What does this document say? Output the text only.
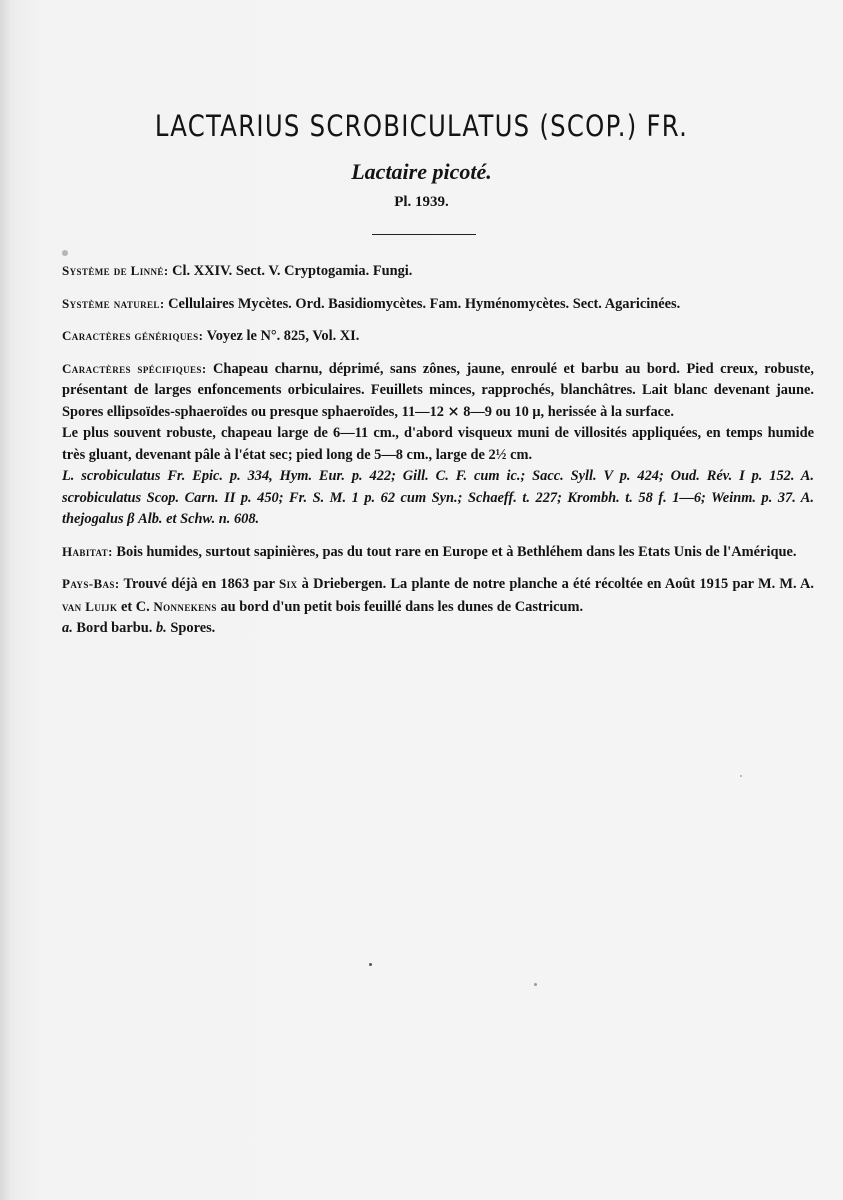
LACTARIUS SCROBICULATUS (SCOP.) FR.
Lactaire picoté.
Pl. 1939.

Système de Linné: Cl. XXIV. Sect. V. Cryptogamia. Fungi.

Système naturel: Cellulaires Mycètes. Ord. Basidiomycètes. Fam. Hyménomycètes. Sect. Agaricinées.

Caractères génériques: Voyez le N°. 825, Vol. XI.

Caractères spécifiques: Chapeau charnu, déprimé, sans zônes, jaune, enroulé et barbu au bord. Pied creux, robuste, présentant de larges enfoncements orbiculaires. Feuillets minces, rapprochés, blanchâtres. Lait blanc devenant jaune. Spores ellipsoïdes-sphaeroïdes ou presque sphaeroïdes, 11—12 ⨯ 8—9 ou 10 μ, herissée à la surface.

Le plus souvent robuste, chapeau large de 6—11 cm., d'abord visqueux muni de villosités appliquées, en temps humide très gluant, devenant pâle à l'état sec; pied long de 5—8 cm., large de 2½ cm.

L. scrobiculatus Fr. Epic. p. 334, Hym. Eur. p. 422; Gill. C. F. cum ic.; Sacc. Syll. V p. 424; Oud. Rév. I p. 152. A. scrobiculatus Scop. Carn. II p. 450; Fr. S. M. 1 p. 62 cum Syn.; Schaeff. t. 227; Krombh. t. 58 f. 1—6; Weinm. p. 37. A. thejogalus β Alb. et Schw. n. 608.

Habitat: Bois humides, surtout sapinières, pas du tout rare en Europe et à Bethléhem dans les Etats Unis de l'Amérique.

Pays-Bas: Trouvé déjà en 1863 par Six à Driebergen. La plante de notre planche a été récoltée en Août 1915 par M. M. A. van Luijk et C. Nonnekens au bord d'un petit bois feuillé dans les dunes de Castricum.

a. Bord barbu. b. Spores.
